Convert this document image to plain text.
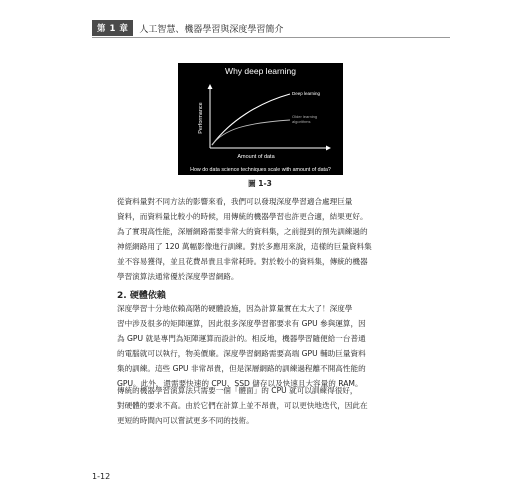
第 1 章	人工智慧、機器學習與深度學習簡介
Why deep learning
Deep learning
Older learning
algorithms
Performance
Amount of data
How do data science techniques scale with amount of data?
圖 1-3

從資料量對不同方法的影響來看，我們可以發現深度學習適合處理巨量
資料，而資料量比較小的時候，用傳統的機器學習也許更合適，結果更好。
為了實現高性能，深層網路需要非常大的資料集，之前提到的預先訓練過的
神經網路用了 120 萬幅影像進行訓練。對於多應用來說，這樣的巨量資料集
並不容易獲得，並且花費昂貴且非常耗時。對於較小的資料集，傳統的機器
學習演算法通常優於深度學習網路。

2. 硬體依賴

深度學習十分地依賴高階的硬體設施，因為計算量實在太大了！深度學
習中涉及很多的矩陣運算，因此很多深度學習都要求有 GPU 參與運算，因
為 GPU 就是專門為矩陣運算而設計的。相反地，機器學習隨便給一台普通
的電腦就可以執行，物美價廉。深度學習網路需要高端 GPU 輔助巨量資料
集的訓練。這些 GPU 非常昂貴，但是深層網路的訓練過程離不開高性能的
GPU。此外，還需要快速的 CPU、SSD 儲存以及快速且大容量的 RAM。

傳統的機器學習演算法只需要一個「體面」的 CPU 就可以訓練得很好，
對硬體的要求不高。由於它們在計算上並不昂貴，可以更快地迭代，因此在
更短的時間內可以嘗試更多不同的技術。

1-12
